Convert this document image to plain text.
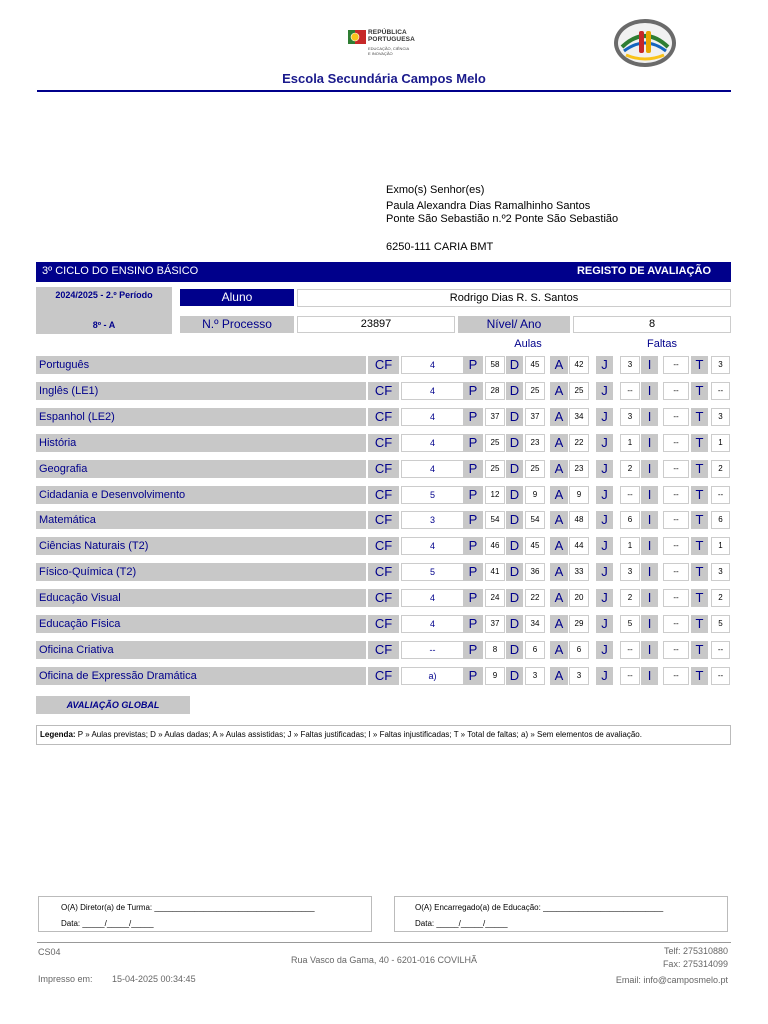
REPÚBLICA
PORTUGUESA
EDUCAÇÃO, CIÊNCIA
E INOVAÇÃO
Escola Secundária Campos Melo
Exmo(s) Senhor(es)
Paula Alexandra Dias Ramalhinho Santos
Ponte São Sebastião n.º2 Ponte São Sebastião
6250-111 CARIA BMT
3º CICLO DO ENSINO BÁSICO	REGISTO DE AVALIAÇÃO
2024/2025 - 2.º Período
8º - A
Aluno	Rodrigo Dias R. S. Santos
N.º Processo	23897	Nível/ Ano	8
Aulas	Faltas
Português	CF	4	P	58 D	45	A	42	J	3	I	--	T	3
Inglês (LE1)	CF	4	P	28 D	25	A	25	J	--	I	--	T	--
Espanhol (LE2)	CF	4	P	37 D	37	A	34	J	3	I	--	T	3
História	CF	4	P	25 D	23	A	22	J	1	I	--	T	1
Geografia	CF	4	P	25 D	25	A	23	J	2	I	--	T	2
Cidadania e Desenvolvimento	CF	5	P	12 D	9	A	9	J	--	I	--	T	--
Matemática	CF	3	P	54 D	54	A	48	J	6	I	--	T	6
Ciências Naturais (T2)	CF	4	P	46 D	45	A	44	J	1	I	--	T	1
Físico-Química (T2)	CF	5	P	41 D	36	A	33	J	3	I	--	T	3
Educação Visual	CF	4	P	24 D	22	A	20	J	2	I	--	T	2
Educação Física	CF	4	P	37 D	34	A	29	J	5	I	--	T	5
Oficina Criativa	CF	--	P	8 D	6	A	6	J	--	I	--	T	--
Oficina de Expressão Dramática	CF	a)	P	9 D	3	A	3	J	--	I	--	T	--
AVALIAÇÃO GLOBAL
Legenda: P » Aulas previstas; D » Aulas dadas; A » Aulas assistidas; J » Faltas justificadas; I » Faltas injustificadas; T » Total de faltas; a) » Sem elementos de avaliação.
O(A) Diretor(a) de Turma: ____________________________________
Data: _____/_____/_____
O(A) Encarregado(a) de Educação: ___________________________
Data: _____/_____/_____
CS04
Impresso em: 15-04-2025 00:34:45
Rua Vasco da Gama, 40 - 6201-016 COVILHÃ
Telf: 275310880
Fax: 275314099
Email: info@camposmelo.pt
